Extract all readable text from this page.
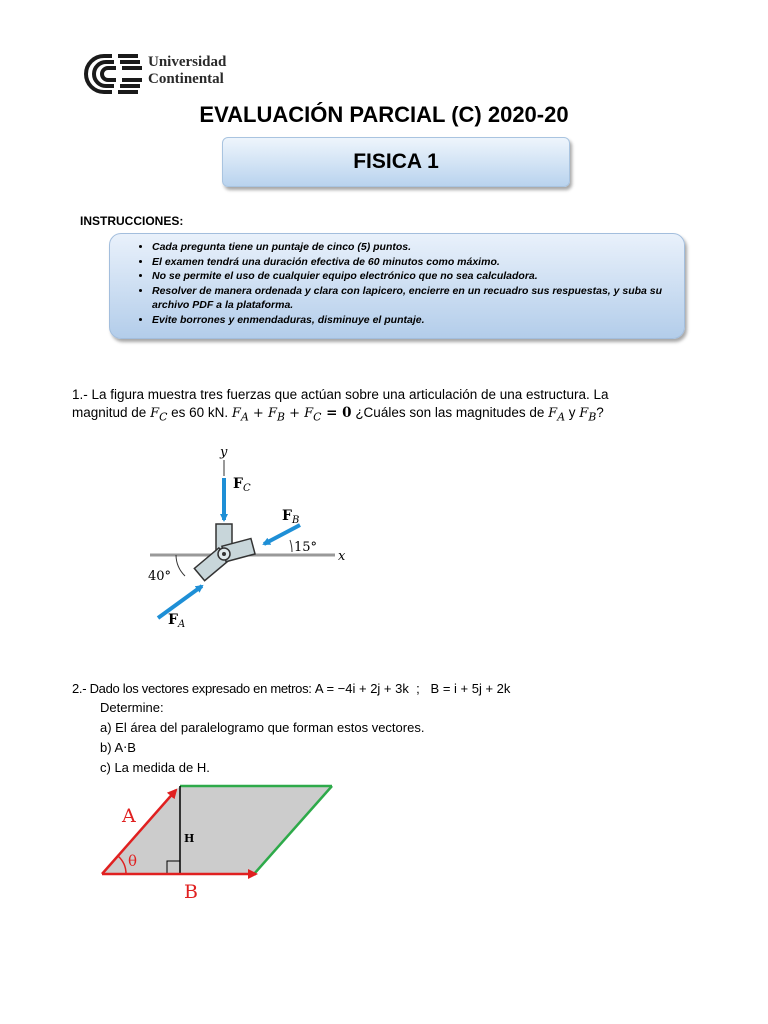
Universidad
Continental
EVALUACIÓN PARCIAL (C) 2020-20
FISICA 1
INSTRUCCIONES:
• Cada pregunta tiene un puntaje de cinco (5) puntos.
• El examen tendrá una duración efectiva de 60 minutos como máximo.
• No se permite el uso de cualquier equipo electrónico que no sea calculadora.
• Resolver de manera ordenada y clara con lapicero, encierre en un recuadro sus respuestas, y suba su archivo PDF a la plataforma.
• Evite borrones y enmendaduras, disminuye el puntaje.
1.- La figura muestra tres fuerzas que actúan sobre una articulación de una estructura. La
magnitud de $F_C$ es 60 kN. $F_A + F_B + F_C = 0$ ¿Cuáles son las magnitudes de $F_A$ y $F_B$?
x
y
$F_C$
$F_B$
15°
$F_A$
40°
2.- Dado los vectores expresado en metros: A = −4i + 2j + 3k  ;   B = i + 5j + 2k
Determine:
a) El área del paralelogramo que forman estos vectores.
b) A⋅B
c) La medida de H.
H
A
B
θ
